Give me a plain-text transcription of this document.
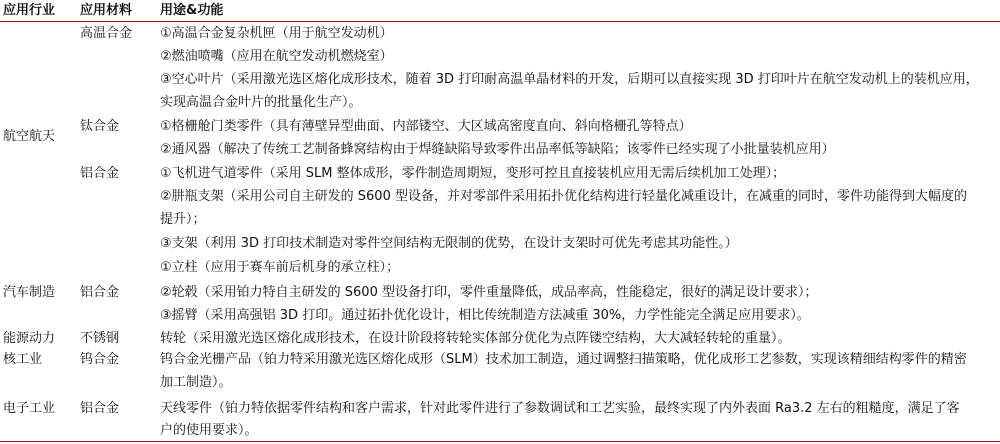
应用行业 应用材料 用途&功能
航空航天
汽车制造
能源动力
核工业
电子工业
高温合金
钛合金
铝合金
铝合金
不锈钢
钨合金
铝合金
①高温合金复杂机匣（用于航空发动机）
②燃油喷嘴（应用在航空发动机燃烧室）
③空心叶片（采用激光选区熔化成形技术，随着 3D 打印耐高温单晶材料的开发，后期可以直接实现 3D 打印叶片在航空发动机上的装机应用，
实现高温合金叶片的批量化生产）。
①格栅舱门类零件（具有薄壁异型曲面、内部镂空、大区域高密度直向、斜向格栅孔等特点）
②通风器（解决了传统工艺制备蜂窝结构由于焊缝缺陷导致零件出品率低等缺陷；该零件已经实现了小批量装机应用）
①飞机进气道零件（采用 SLM 整体成形，零件制造周期短，变形可控且直接装机应用无需后续机加工处理）；
②肼瓶支架（采用公司自主研发的 S600 型设备，并对零部件采用拓扑优化结构进行轻量化减重设计，在减重的同时，零件功能得到大幅度的
提升）；
③支架（利用 3D 打印技术制造对零件空间结构无限制的优势，在设计支架时可优先考虑其功能性。）
①立柱（应用于赛车前后机身的承立柱）；
②轮毂（采用铂力特自主研发的 S600 型设备打印，零件重量降低，成品率高，性能稳定，很好的满足设计要求）；
③摇臂（采用高强铝 3D 打印。通过拓扑优化设计，相比传统制造方法减重 30%，力学性能完全满足应用要求）。
转轮（采用激光选区熔化成形技术，在设计阶段将转轮实体部分优化为点阵镂空结构，大大减轻转轮的重量）。
钨合金光栅产品（铂力特采用激光选区熔化成形（SLM）技术加工制造，通过调整扫描策略，优化成形工艺参数，实现该精细结构零件的精密
加工制造）。
天线零件（铂力特依据零件结构和客户需求，针对此零件进行了参数调试和工艺实验，最终实现了内外表面 Ra3.2 左右的粗糙度，满足了客
户的使用要求）。
